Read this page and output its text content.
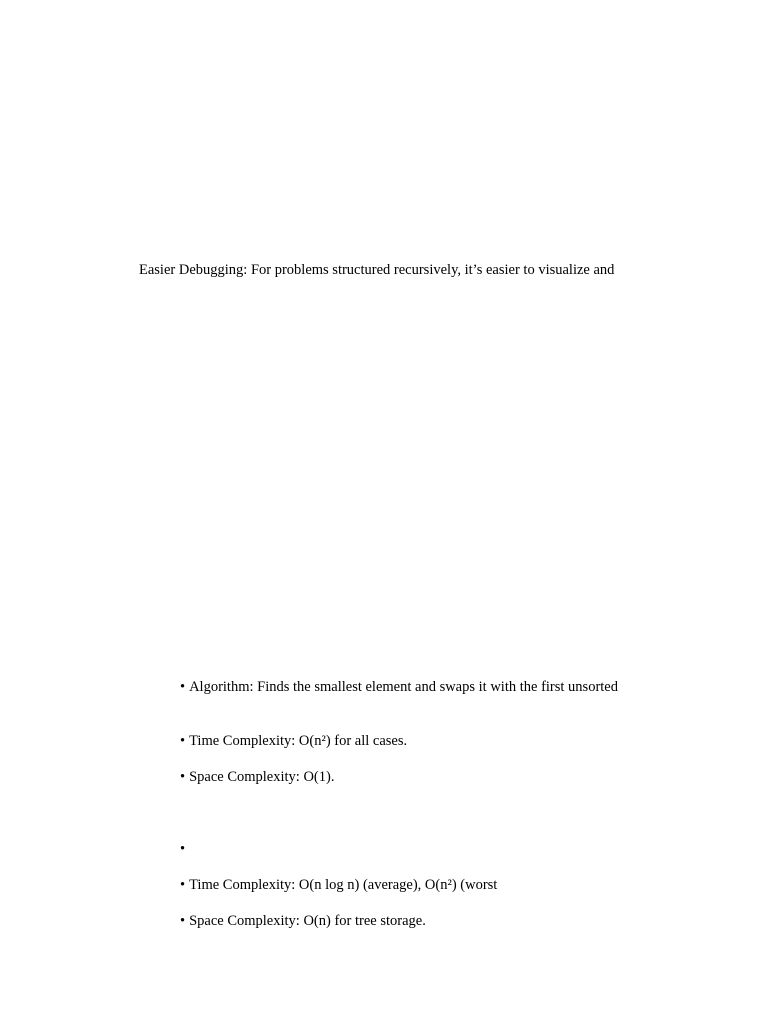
Easier Debugging: For problems structured recursively, it’s easier to visualize and
• Algorithm: Finds the smallest element and swaps it with the first unsorted
• Time Complexity: O(n²) for all cases.
• Space Complexity: O(1).
•
• Time Complexity: O(n log n) (average), O(n²) (worst
• Space Complexity: O(n) for tree storage.
